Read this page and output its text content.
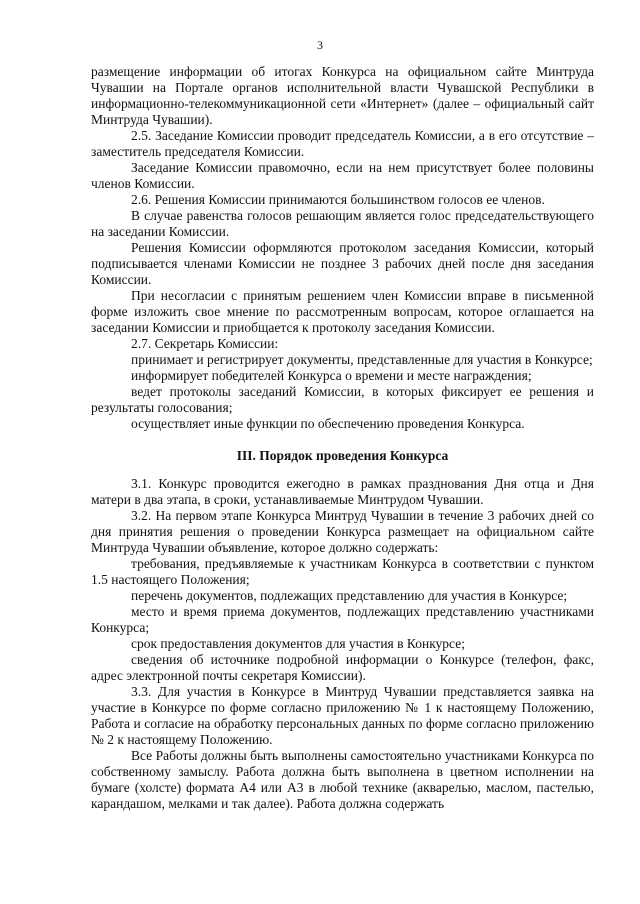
3

размещение информации об итогах Конкурса на официальном сайте Минтруда Чувашии на Портале органов исполнительной власти Чувашской Республики в информационно-телекоммуникационной сети «Интернет» (далее – официальный сайт Минтруда Чувашии).

2.5. Заседание Комиссии проводит председатель Комиссии, а в его отсутствие – заместитель председателя Комиссии.

Заседание Комиссии правомочно, если на нем присутствует более половины членов Комиссии.

2.6. Решения Комиссии принимаются большинством голосов ее членов.

В случае равенства голосов решающим является голос председательствующего на заседании Комиссии.

Решения Комиссии оформляются протоколом заседания Комиссии, который подписывается членами Комиссии не позднее 3 рабочих дней после дня заседания Комиссии.

При несогласии с принятым решением член Комиссии вправе в письменной форме изложить свое мнение по рассмотренным вопросам, которое оглашается на заседании Комиссии и приобщается к протоколу заседания Комиссии.

2.7. Секретарь Комиссии:

принимает и регистрирует документы, представленные для участия в Конкурсе;

информирует победителей Конкурса о времени и месте награждения;

ведет протоколы заседаний Комиссии, в которых фиксирует ее решения и результаты голосования;

осуществляет иные функции по обеспечению проведения Конкурса.

III. Порядок проведения Конкурса

3.1. Конкурс проводится ежегодно в рамках празднования Дня отца и Дня матери в два этапа, в сроки, устанавливаемые Минтрудом Чувашии.

3.2. На первом этапе Конкурса Минтруд Чувашии в течение 3 рабочих дней со дня принятия решения о проведении Конкурса размещает на официальном сайте Минтруда Чувашии объявление, которое должно содержать:

требования, предъявляемые к участникам Конкурса в соответствии с пунктом 1.5 настоящего Положения;

перечень документов, подлежащих представлению для участия в Конкурсе;

место и время приема документов, подлежащих представлению участниками Конкурса;

срок предоставления документов для участия в Конкурсе;

сведения об источнике подробной информации о Конкурсе (телефон, факс, адрес электронной почты секретаря Комиссии).

3.3. Для участия в Конкурсе в Минтруд Чувашии представляется заявка на участие в Конкурсе по форме согласно приложению № 1 к настоящему Положению, Работа и согласие на обработку персональных данных по форме согласно приложению № 2 к настоящему Положению.

Все Работы должны быть выполнены самостоятельно участниками Конкурса по собственному замыслу. Работа должна быть выполнена в цветном исполнении на бумаге (холсте) формата А4 или А3 в любой технике (акварелью, маслом, пастелью, карандашом, мелками и так далее). Работа должна содержать
